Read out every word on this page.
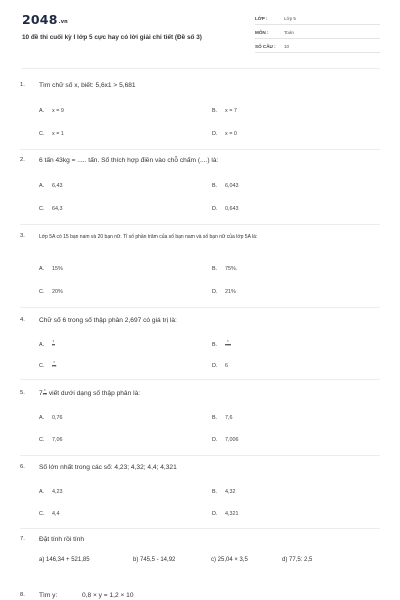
2048.vn
10 đề thi cuối kỳ I lớp 5 cực hay có lời giải chi tiết (Đề số 3)
LỚP :	Lớp 5
MÔN :	Toán
SỐ CÂU : 10
1. Tìm chữ số x, biết: 5,6x1 > 5,681
A. x = 9	B. x = 7
C. x = 1	D. x = 0
2. 6 tấn 43kg = ..... tấn. Số thích hợp điền vào chỗ chấm (....) là:
A. 6,43	B. 6,043
C. 64,3	D. 0,643
3.	Lớp 5A có 15 bạn nam và 20 bạn nữ. Tỉ số phần trăm của số bạn nam và số bạn nữ của lớp 5A là:
A. 15%	B. 75%.
C. 20%	D. 21%
4. Chữ số 6 trong số thập phân 2,697 có giá trị là:
A.	$\frac{6}{10}$	B.	$\frac{6}{1000}$
C.	$\frac{6}{100}$	D. 6
5. $7 \frac{6}{100}$ viết dưới dạng số thập phân là:
A. 0,76	B. 7,6
C. 7,06	D. 7,006
6. Số lớn nhất trong các số: 4,23; 4,32; 4,4; 4,321
A. 4,23	B. 4,32
C. 4,4	D. 4,321
7. Đặt tính rồi tính
a) 146,34 + 521,85	b) 745,5 - 14,92	c) 25,04 × 3,5	d) 77,5: 2,5
8. Tìm y:	0,8 × y = 1,2 × 10
